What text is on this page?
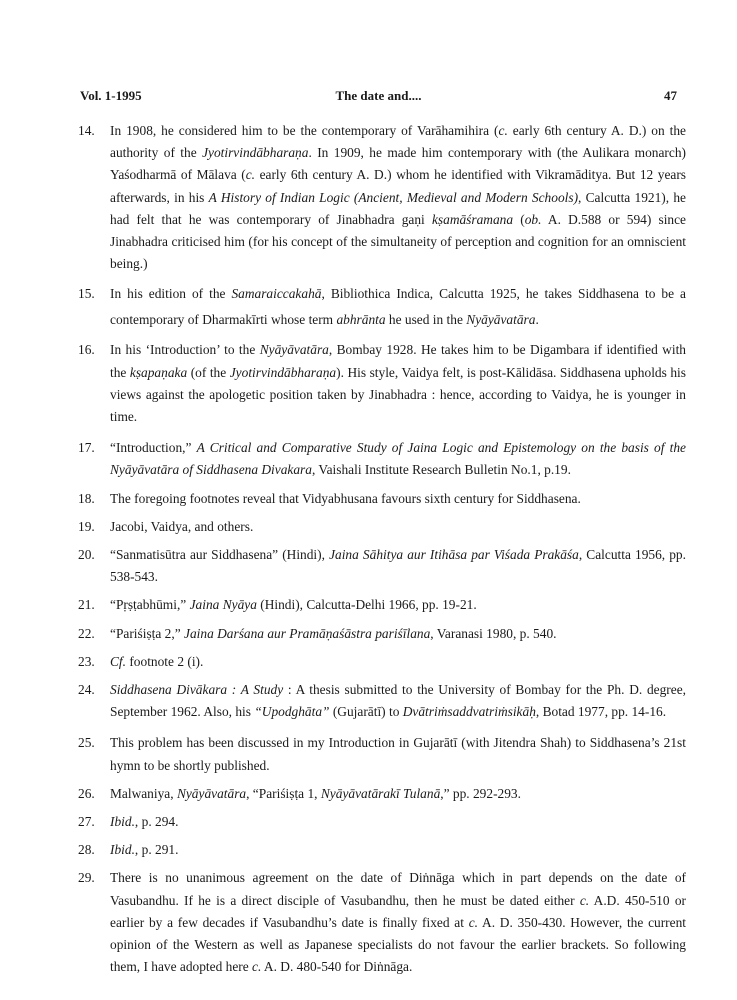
Vol. 1-1995	The date and....	47
14. In 1908, he considered him to be the contemporary of Varāhamihira (c. early 6th century A. D.) on the authority of the Jyotirvindābharaṇa. In 1909, he made him contemporary with (the Aulikara monarch) Yaśodharmā of Mālava (c. early 6th century A. D.) whom he identified with Vikramāditya. But 12 years afterwards, in his A History of Indian Logic (Ancient, Medieval and Modern Schools), Calcutta 1921), he had felt that he was contemporary of Jinabhadra gaṇi kṣamāśramana (ob. A. D.588 or 594) since Jinabhadra criticised him (for his concept of the simultaneity of perception and cognition for an omniscient being.)
15. In his edition of the Samaraiccakahā, Bibliothica Indica, Calcutta 1925, he takes Siddhasena to be a contemporary of Dharmakīrti whose term abhrānta he used in the Nyāyāvatāra.
16. In his ‘Introduction’ to the Nyāyāvatāra, Bombay 1928. He takes him to be Digambara if identified with the kṣapaṇaka (of the Jyotirvindābharaṇa). His style, Vaidya felt, is post-Kālidāsa. Siddhasena upholds his views against the apologetic position taken by Jinabhadra : hence, according to Vaidya, he is younger in time.
17. “Introduction,” A Critical and Comparative Study of Jaina Logic and Epistemology on the basis of the Nyāyāvatāra of Siddhasena Divakara, Vaishali Institute Research Bulletin No.1, p.19.
18. The foregoing footnotes reveal that Vidyabhusana favours sixth century for Siddhasena.
19. Jacobi, Vaidya, and others.
20. “Sanmatisūtra aur Siddhasena” (Hindi), Jaina Sāhitya aur Itihāsa par Viśada Prakāśa, Calcutta 1956, pp. 538-543.
21. “Pṛṣṭabhūmi,” Jaina Nyāya (Hindi), Calcutta-Delhi 1966, pp. 19-21.
22. “Pariśiṣṭa 2,” Jaina Darśana aur Pramāṇaśāstra pariśīlana, Varanasi 1980, p. 540.
23. Cf. footnote 2 (i).
24. Siddhasena Divākara : A Study : A thesis submitted to the University of Bombay for the Ph. D. degree, September 1962. Also, his “Upodghāta” (Gujarātī) to Dvātriṁsaddvatriṁsikāḥ, Botad 1977, pp. 14-16.
25. This problem has been discussed in my Introduction in Gujarātī (with Jitendra Shah) to Siddhasena’s 21st hymn to be shortly published.
26. Malwaniya, Nyāyāvatāra, “Pariśiṣṭa 1, Nyāyāvatārakī Tulanā,” pp. 292-293.
27. Ibid., p. 294.
28. Ibid., p. 291.
29. There is no unanimous agreement on the date of Diṅnāga which in part depends on the date of Vasubandhu. If he is a direct disciple of Vasubandhu, then he must be dated either c. A.D. 450-510 or earlier by a few decades if Vasubandhu’s date is finally fixed at c. A. D. 350-430. However, the current opinion of the Western as well as Japanese specialists do not favour the earlier brackets. So following them, I have adopted here c. A. D. 480-540 for Diṅnāga.
